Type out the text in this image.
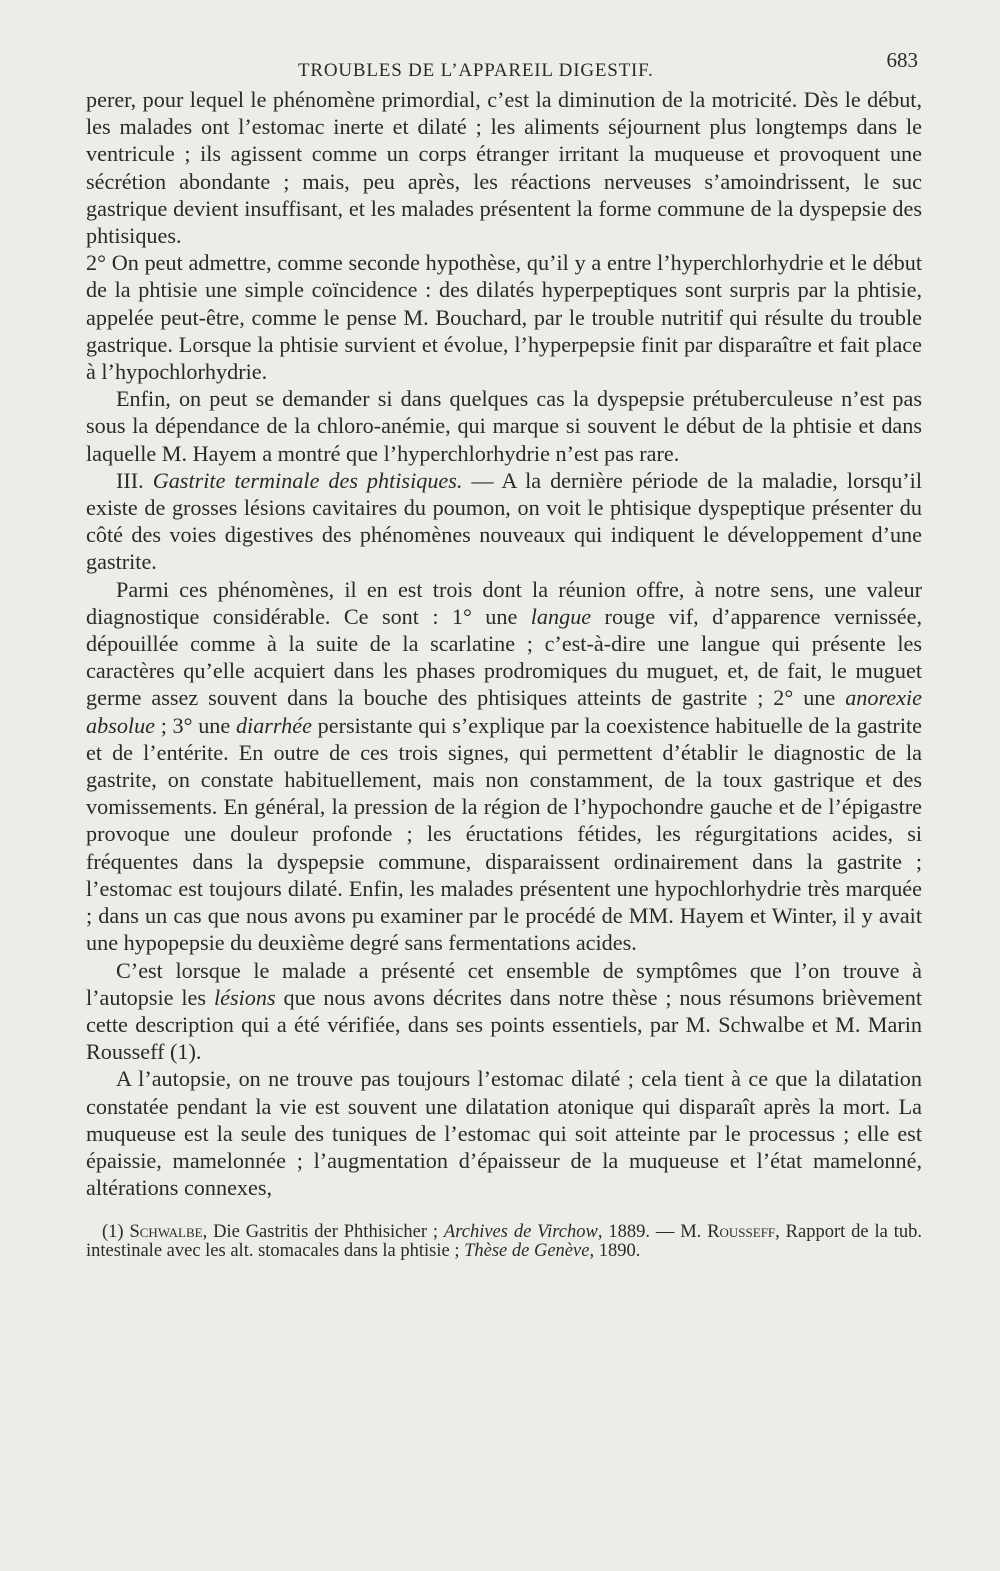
TROUBLES DE L’APPAREIL DIGESTIF.	683

perer, pour lequel le phénomène primordial, c’est la diminution de la motricité. Dès le début, les malades ont l’estomac inerte et dilaté ; les aliments séjournent plus longtemps dans le ventricule ; ils agissent comme un corps étranger irritant la muqueuse et provoquent une sécrétion abondante ; mais, peu après, les réactions nerveuses s’amoindrissent, le suc gastrique devient insuffisant, et les malades présentent la forme commune de la dyspepsie des phtisiques.

2° On peut admettre, comme seconde hypothèse, qu’il y a entre l’hyperchlorhydrie et le début de la phtisie une simple coïncidence : des dilatés hyperpeptiques sont surpris par la phtisie, appelée peut-être, comme le pense M. Bouchard, par le trouble nutritif qui résulte du trouble gastrique. Lorsque la phtisie survient et évolue, l’hyperpepsie finit par disparaître et fait place à l’hypochlorhydrie.

Enfin, on peut se demander si dans quelques cas la dyspepsie prétuberculeuse n’est pas sous la dépendance de la chloro-anémie, qui marque si souvent le début de la phtisie et dans laquelle M. Hayem a montré que l’hyperchlorhydrie n’est pas rare.

III. Gastrite terminale des phtisiques. — A la dernière période de la maladie, lorsqu’il existe de grosses lésions cavitaires du poumon, on voit le phtisique dyspeptique présenter du côté des voies digestives des phénomènes nouveaux qui indiquent le développement d’une gastrite.

Parmi ces phénomènes, il en est trois dont la réunion offre, à notre sens, une valeur diagnostique considérable. Ce sont : 1° une langue rouge vif, d’apparence vernissée, dépouillée comme à la suite de la scarlatine ; c’est-à-dire une langue qui présente les caractères qu’elle acquiert dans les phases prodromiques du muguet, et, de fait, le muguet germe assez souvent dans la bouche des phtisiques atteints de gastrite ; 2° une anorexie absolue ; 3° une diarrhée persistante qui s’explique par la coexistence habituelle de la gastrite et de l’entérite. En outre de ces trois signes, qui permettent d’établir le diagnostic de la gastrite, on constate habituellement, mais non constamment, de la toux gastrique et des vomissements. En général, la pression de la région de l’hypochondre gauche et de l’épigastre provoque une douleur profonde ; les éructations fétides, les régurgitations acides, si fréquentes dans la dyspepsie commune, disparaissent ordinairement dans la gastrite ; l’estomac est toujours dilaté. Enfin, les malades présentent une hypochlorhydrie très marquée ; dans un cas que nous avons pu examiner par le procédé de MM. Hayem et Winter, il y avait une hypopepsie du deuxième degré sans fermentations acides.

C’est lorsque le malade a présenté cet ensemble de symptômes que l’on trouve à l’autopsie les lésions que nous avons décrites dans notre thèse ; nous résumons brièvement cette description qui a été vérifiée, dans ses points essentiels, par M. Schwalbe et M. Marin Rousseff (1).

A l’autopsie, on ne trouve pas toujours l’estomac dilaté ; cela tient à ce que la dilatation constatée pendant la vie est souvent une dilatation atonique qui disparaît après la mort. La muqueuse est la seule des tuniques de l’estomac qui soit atteinte par le processus ; elle est épaissie, mamelonnée ; l’augmentation d’épaisseur de la muqueuse et l’état mamelonné, altérations connexes,

(1) Schwalbe, Die Gastritis der Phthisicher ; Archives de Virchow, 1889. — M. Rousseff, Rapport de la tub. intestinale avec les alt. stomacales dans la phtisie ; Thèse de Genève, 1890.
